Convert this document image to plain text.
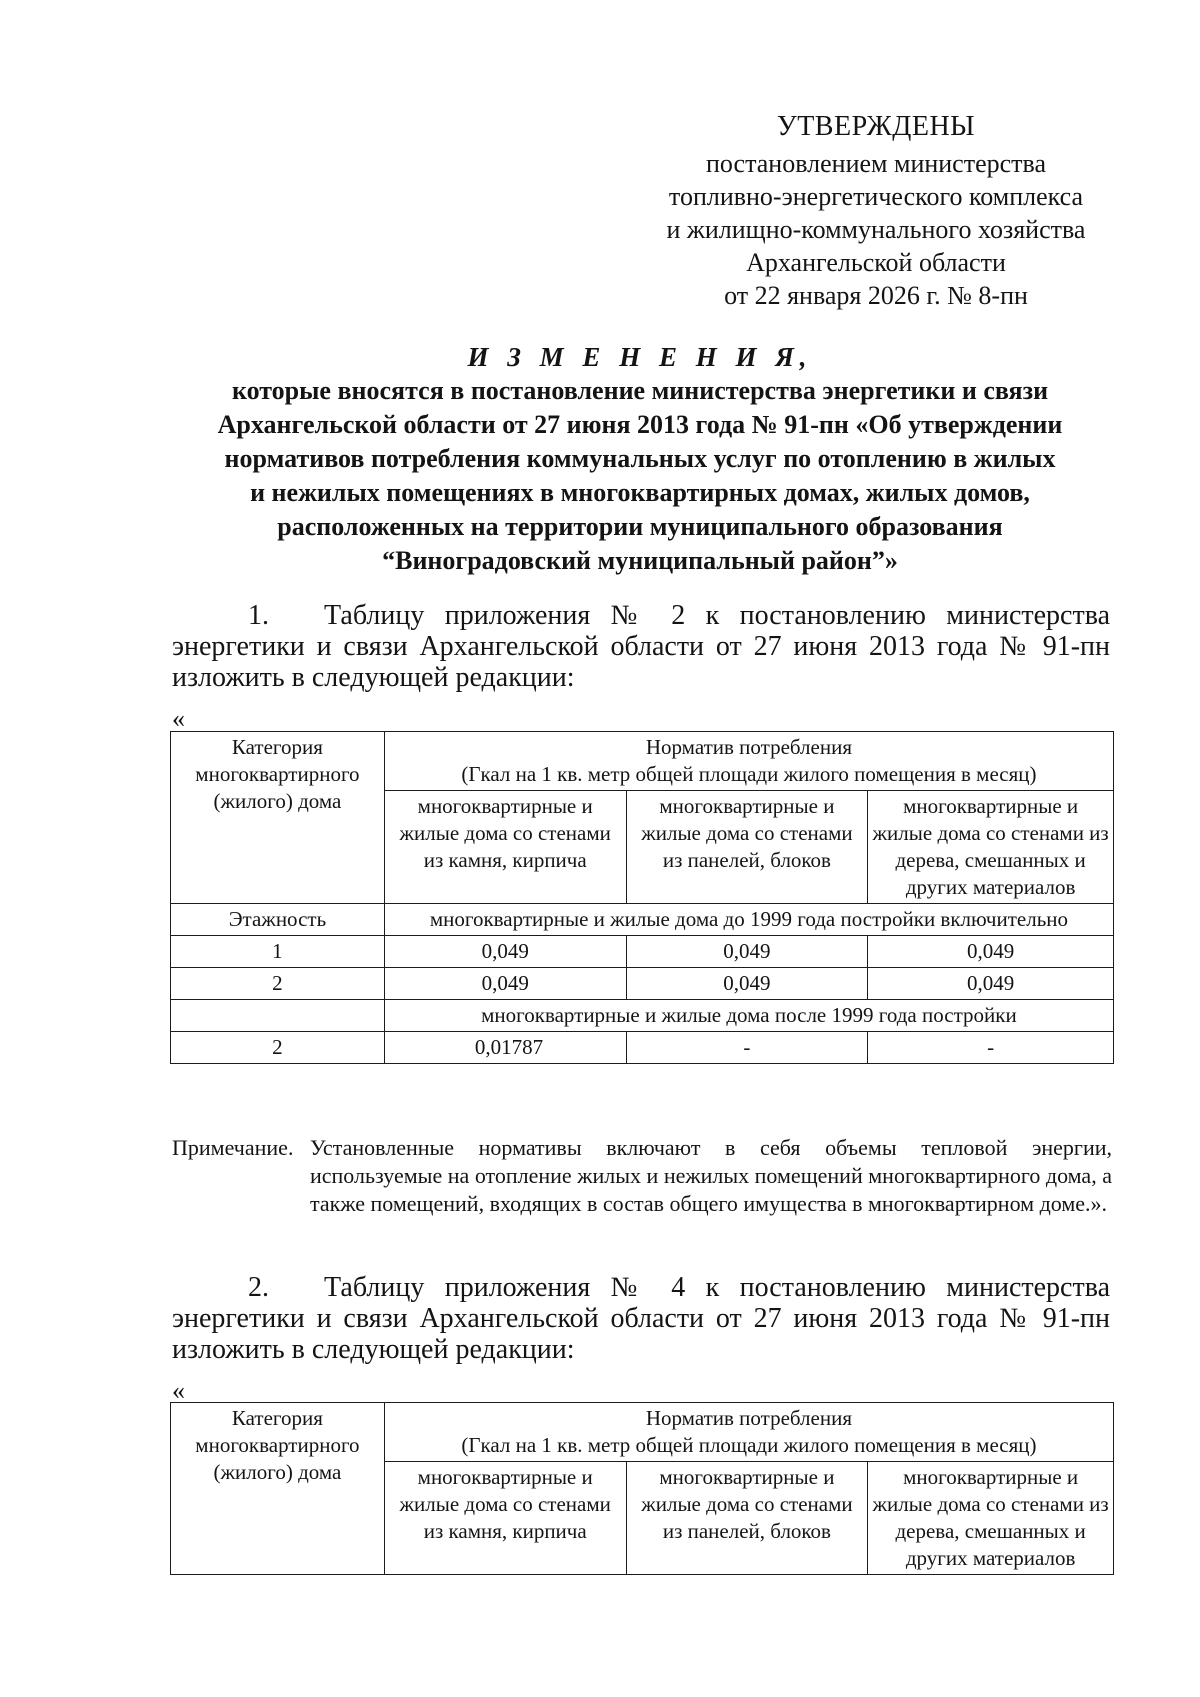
УТВЕРЖДЕНЫ
постановлением министерства
топливно-энергетического комплекса
и жилищно-коммунального хозяйства
Архангельской области
от 22 января 2026 г. № 8-пн
И З М Е Н Е Н И Я,
которые вносятся в постановление министерства энергетики и связи
Архангельской области от 27 июня 2013 года № 91-пн «Об утверждении
нормативов потребления коммунальных услуг по отоплению в жилых
и нежилых помещениях в многоквартирных домах, жилых домов,
расположенных на территории муниципального образования
“Виноградовский муниципальный район”»
1. Таблицу приложения № 2 к постановлению министерства энергетики и связи Архангельской области от 27 июня 2013 года № 91-пн изложить в следующей редакции:
«
Категория многоквартирного (жилого) дома	Норматив потребления
(Гкал на 1 кв. метр общей площади жилого помещения в месяц)		

	многоквартирные и жилые дома со стенами из камня, кирпича	многоквартирные и жилые дома со стенами из панелей, блоков	многоквартирные и жилые дома со стенами из дерева, смешанных и других материалов
Этажность	многоквартирные и жилые дома до 1999 года постройки включительно		
1	0,049	0,049	0,049
2	0,049	0,049	0,049
	многоквартирные и жилые дома после 1999 года постройки		
2	0,01787	-	-
Примечание. Установленные нормативы включают в себя объемы тепловой энергии, используемые на отопление жилых и нежилых помещений многоквартирного дома, а также помещений, входящих в состав общего имущества в многоквартирном доме.».
2. Таблицу приложения № 4 к постановлению министерства энергетики и связи Архангельской области от 27 июня 2013 года № 91-пн изложить в следующей редакции:
«
Категория многоквартирного (жилого) дома	Норматив потребления
(Гкал на 1 кв. метр общей площади жилого помещения в месяц)		

	многоквартирные и жилые дома со стенами из камня, кирпича	многоквартирные и жилые дома со стенами из панелей, блоков	многоквартирные и жилые дома со стенами из дерева, смешанных и других материалов
